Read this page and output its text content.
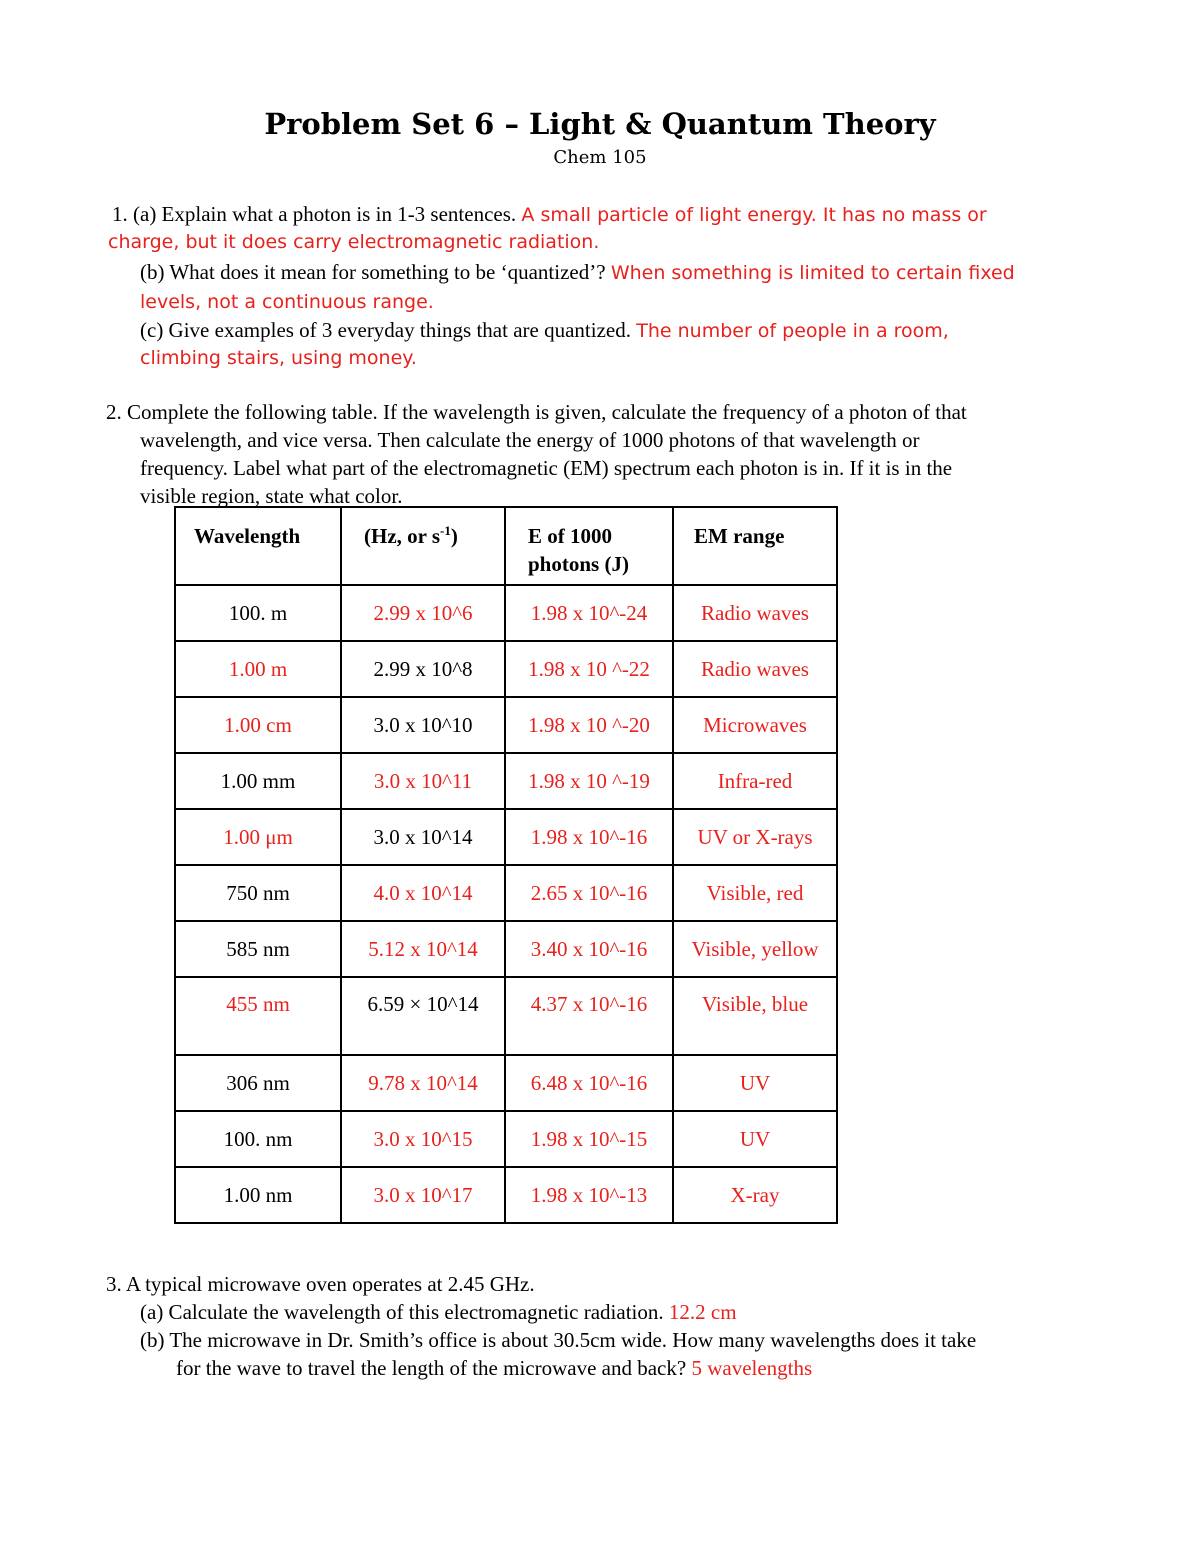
Problem Set 6 – Light & Quantum Theory
Chem 105
1. (a) Explain what a photon is in 1-3 sentences. A small particle of light energy. It has no mass or
charge, but it does carry electromagnetic radiation.
(b) What does it mean for something to be ‘quantized’? When something is limited to certain fixed
levels, not a continuous range.
(c) Give examples of 3 everyday things that are quantized. The number of people in a room,
climbing stairs, using money.
2. Complete the following table. If the wavelength is given, calculate the frequency of a photon of that
wavelength, and vice versa. Then calculate the energy of 1000 photons of that wavelength or
frequency. Label what part of the electromagnetic (EM) spectrum each photon is in. If it is in the
visible region, state what color.
Wavelength	(Hz, or $s^{-1}$)	E of 1000
photons (J)	EM range
100. m	2.99 x 10^6	1.98 x 10^-24	Radio waves
1.00 m	2.99 x 10^8	1.98 x 10 ^-22	Radio waves
1.00 cm	3.0 x 10^10	1.98 x 10 ^-20	Microwaves
1.00 mm	3.0 x 10^11	1.98 x 10 ^-19	Infra-red
1.00 μm	3.0 x 10^14	1.98 x 10^-16	UV or X-rays
750 nm	4.0 x 10^14	2.65 x 10^-16	Visible, red
585 nm	5.12 x 10^14	3.40 x 10^-16	Visible, yellow
455 nm	6.59 × 10^14	4.37 x 10^-16	Visible, blue
306 nm	9.78 x 10^14	6.48 x 10^-16	UV
100. nm	3.0 x 10^15	1.98 x 10^-15	UV
1.00 nm	3.0 x 10^17	1.98 x 10^-13	X-ray
3. A typical microwave oven operates at 2.45 GHz.
(a) Calculate the wavelength of this electromagnetic radiation. 12.2 cm
(b) The microwave in Dr. Smith’s office is about 30.5cm wide. How many wavelengths does it take
for the wave to travel the length of the microwave and back? 5 wavelengths
